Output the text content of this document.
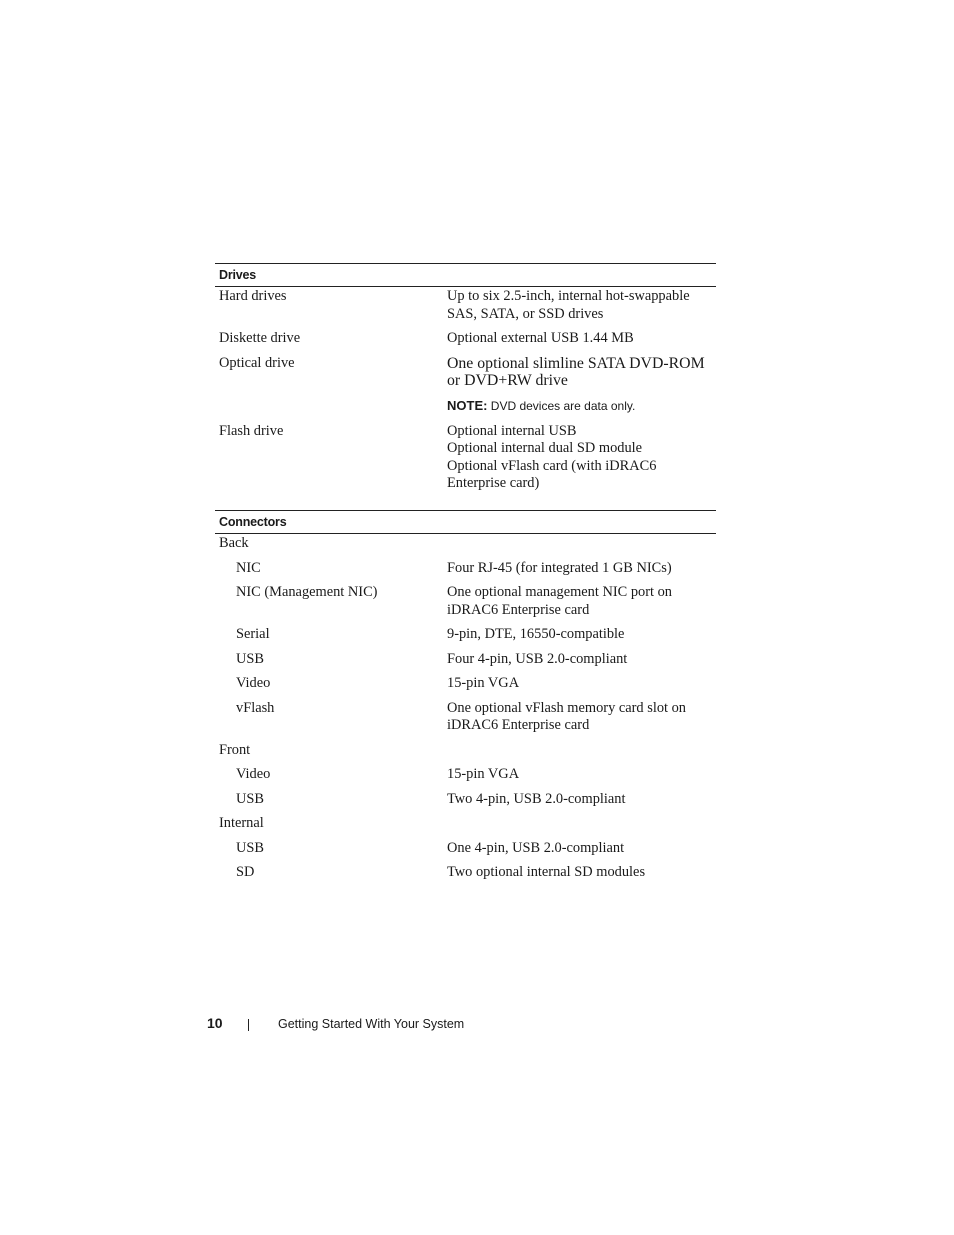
Drives
Hard drives	Up to six 2.5-inch, internal hot-swappable
SAS, SATA, or SSD drives
Diskette drive	Optional external USB 1.44 MB
Optical drive	One optional slimline SATA DVD-ROM
or DVD+RW drive
NOTE: DVD devices are data only.
Flash drive	Optional internal USB
Optional internal dual SD module
Optional vFlash card (with iDRAC6
Enterprise card)
Connectors
Back

NIC	Four RJ-45 (for integrated 1 GB NICs)
NIC (Management NIC)	One optional management NIC port on
iDRAC6 Enterprise card
Serial	9-pin, DTE, 16550-compatible
USB	Four 4-pin, USB 2.0-compliant
Video	15-pin VGA
vFlash	One optional vFlash memory card slot on
iDRAC6 Enterprise card
Front

Video	15-pin VGA
USB	Two 4-pin, USB 2.0-compliant
Internal

USB	One 4-pin, USB 2.0-compliant
SD	Two optional internal SD modules
10	Getting Started With Your System
